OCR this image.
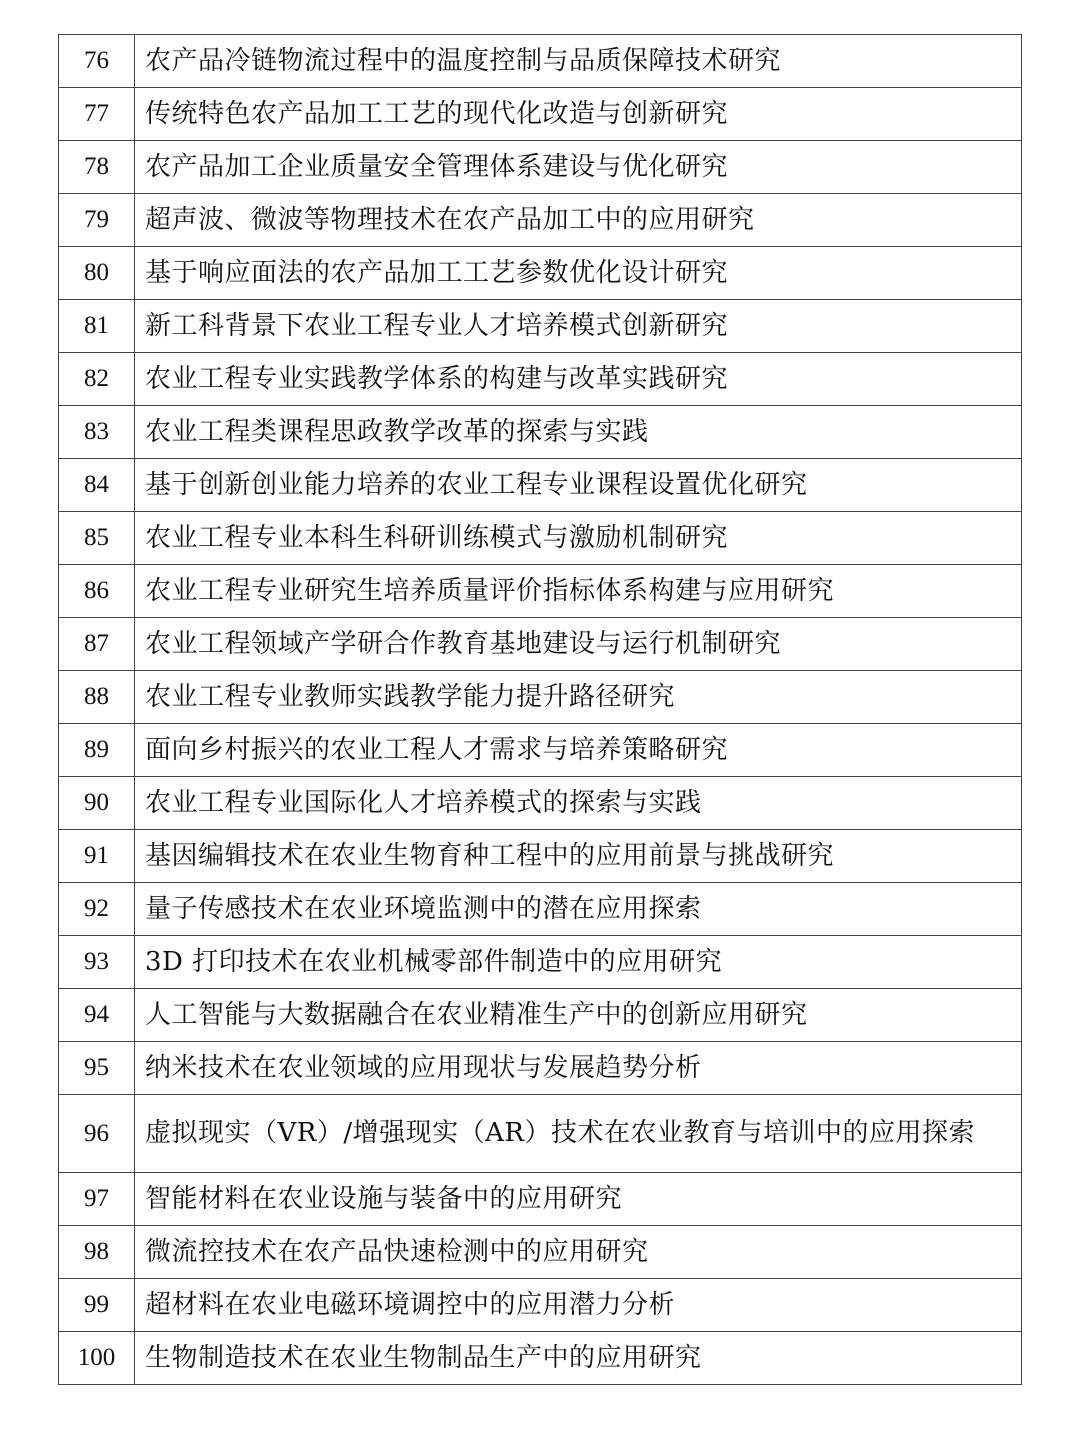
76	农产品冷链物流过程中的温度控制与品质保障技术研究
77	传统特色农产品加工工艺的现代化改造与创新研究
78	农产品加工企业质量安全管理体系建设与优化研究
79	超声波、微波等物理技术在农产品加工中的应用研究
80	基于响应面法的农产品加工工艺参数优化设计研究
81	新工科背景下农业工程专业人才培养模式创新研究
82	农业工程专业实践教学体系的构建与改革实践研究
83	农业工程类课程思政教学改革的探索与实践
84	基于创新创业能力培养的农业工程专业课程设置优化研究
85	农业工程专业本科生科研训练模式与激励机制研究
86	农业工程专业研究生培养质量评价指标体系构建与应用研究
87	农业工程领域产学研合作教育基地建设与运行机制研究
88	农业工程专业教师实践教学能力提升路径研究
89	面向乡村振兴的农业工程人才需求与培养策略研究
90	农业工程专业国际化人才培养模式的探索与实践
91	基因编辑技术在农业生物育种工程中的应用前景与挑战研究
92	量子传感技术在农业环境监测中的潜在应用探索
93	3D 打印技术在农业机械零部件制造中的应用研究
94	人工智能与大数据融合在农业精准生产中的创新应用研究
95	纳米技术在农业领域的应用现状与发展趋势分析
96	虚拟现实（VR）/增强现实（AR）技术在农业教育与培训中的应用探索
97	智能材料在农业设施与装备中的应用研究
98	微流控技术在农产品快速检测中的应用研究
99	超材料在农业电磁环境调控中的应用潜力分析
100	生物制造技术在农业生物制品生产中的应用研究
